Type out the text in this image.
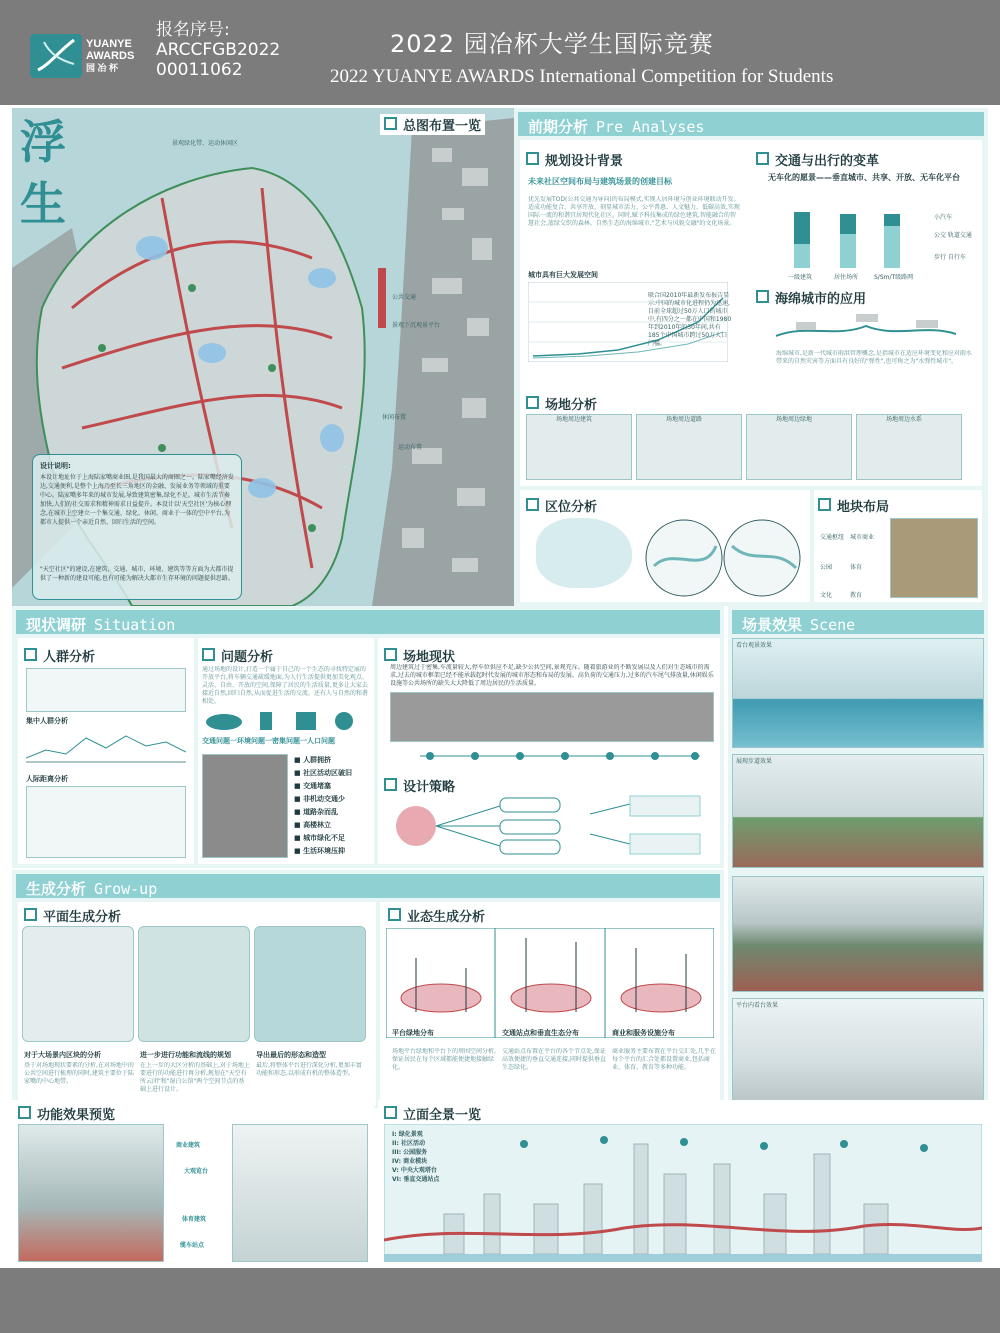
YUANYE
AWARDS
园 冶 杯
报名序号:
ARCCFGB2022
00011062
2022 园冶杯大学生国际竞赛
2022 YUANYE AWARDS International Competition for Students
浮
生
总图布置一览
景观绿化带、运动休闲区
公共交通
景观下沉观景平台
休闲布置
运动布置
设计说明:
本设计地址位于上海陆家嘴商业圈,是我国最大的商圈之一。陆家嘴经济发达,交通便利,是整个上海乃至长三角地区的金融、发展业务等领域的重要中心。陆家嘴多年来的城市发展,导致建筑密集,绿化不足。城市生活节奏加快,人们的社交需求和精神需求日益提升。本设计以'天空社区'为核心理念,在城市上空建立一个集交通、绿化、休闲、商业于一体的空中平台,为都市人提供一个亲近自然、回归生活的空间。
"天空社区"的建设,在建筑、交通、城市、环境、建筑等等方面为大都市提供了一种新的建设可能,也有可能为解决大都市生存环境的问题提供思路。
前期分析 Pre Analyses
规划设计背景
未来社区空间布局与建筑场景的创建目标
优先发展TOD(公共交通为导向)的布局模式,实现人居环境与创业环境联动开发。适成功能复合、共享开放、刻显城市活力、公平普惠、人文魅力、低碳高效,实现国际一流的和谐宜居现代化社区。同时,赋予科技集成的绿色建筑,智能融合的智慧社会,蓝绿交织的森林、自然生态的海绵城市,"艺术与风貌交融"的文化场景。
城市具有巨大发展空间
联合国2010年最新发布报告显示:中国的城市化进程仍为迅速,目前全球超过50万人口的城市中,有四分之一都在中国和1980年到2010年的30年间,共有185个中国城市跨过50万人口门槛。
交通与出行的变革
无车化的愿景——垂直城市、共享、开放、无车化平台
一级建筑	居住场所	S/Sm/T级路网
小汽车
公交 轨道交通
步行 自行车
海绵城市的应用
海绵城市,是新一代城市雨洪管理概念,是指城市在适应环境变化和应对雨水带来的自然灾害等方面具有良好的"弹性",也可称之为"水弹性城市"。
场地分析
场地周边建筑	场地周边道路	场地周边绿地	场地周边水系
区位分析	地块布局
交通枢纽 城市商业
公园	体育
文化	教育
现状调研 Situation
人群分析
集中人群分析
人际距离分析
问题分析
通过场地的设计,打造一个属于自己的一个生态的寻找特定展的开放平台,将车辆交通疏缓地面,为人行生活提供更加美化观点、灵活、自由、开放的空间,保障了居民的生活质量,更多让大家去接近自然,回归自然,从而促进生活的交流。还有人与自然的和谐相处。
交通问题一环境问题一密集问题一人口问题
■ 人群拥挤
■ 社区活动区破旧
■ 交通堵塞
■ 非机动交通少
■ 道路杂而乱
■ 高楼林立
■ 城市绿化不足
■ 生活环境压抑
场地现状
周边建筑过于密集,车流量较大,停车位供应不足,缺少公共空间,景观充斥。随着旅游业的不断发展以及人们对生态城市的需求,过去的城市框架已经不能承载起时代发展的城市形态和布局的发展。高负荷的交通压力,过多的汽车尾气排放量,休闲娱乐设施等公共场所的缺失大大降低了周边居民的生活质量。
设计策略
场景效果 Scene
看台观景效果
展现步道效果
平台内看台效果
生成分析 Grow-up
平面生成分析
对于大场景内区块的分析	进一步进行功能和流线的规划	导出最后的形态和造型
基于对场地现状要素的分析,在对场地中的公共空间进行梳理的同时,建筑主要位于陆家嘴的中心地带。
在上一步的大区分析的基础上,对于场地上要进行的功能进行再分析,规划在"天空有所云闭"和"湿白公馆"两个空间节点的基础上进行设计。
最后,将整体平台进行深化分析,更加丰富功能和形态,以形成有机的整体造型。
业态生成分析
平台绿地分布	交通站点和垂直生态分布	商业和服务设施分布
场地平台绿地和平台下的周围空间分析,保证居民在每个区域都能便捷地接触绿化。
交通站点布置在平台的各个节点处,保证高效便捷的垂直交通连接,同时提供垂直生态绿化。
商业服务主要布置在平台交汇处,几乎在每个平台的汇合处都设置商业,包括商业、体育、教育等多种功能。
功能效果预览
商业建筑
大观览台
体育建筑
缆车站点
立面全景一览
I: 绿化景观
II: 社区活动
III: 公园服务
IV: 商业模块
V: 中央大观塔台
VI: 垂直交通站点
